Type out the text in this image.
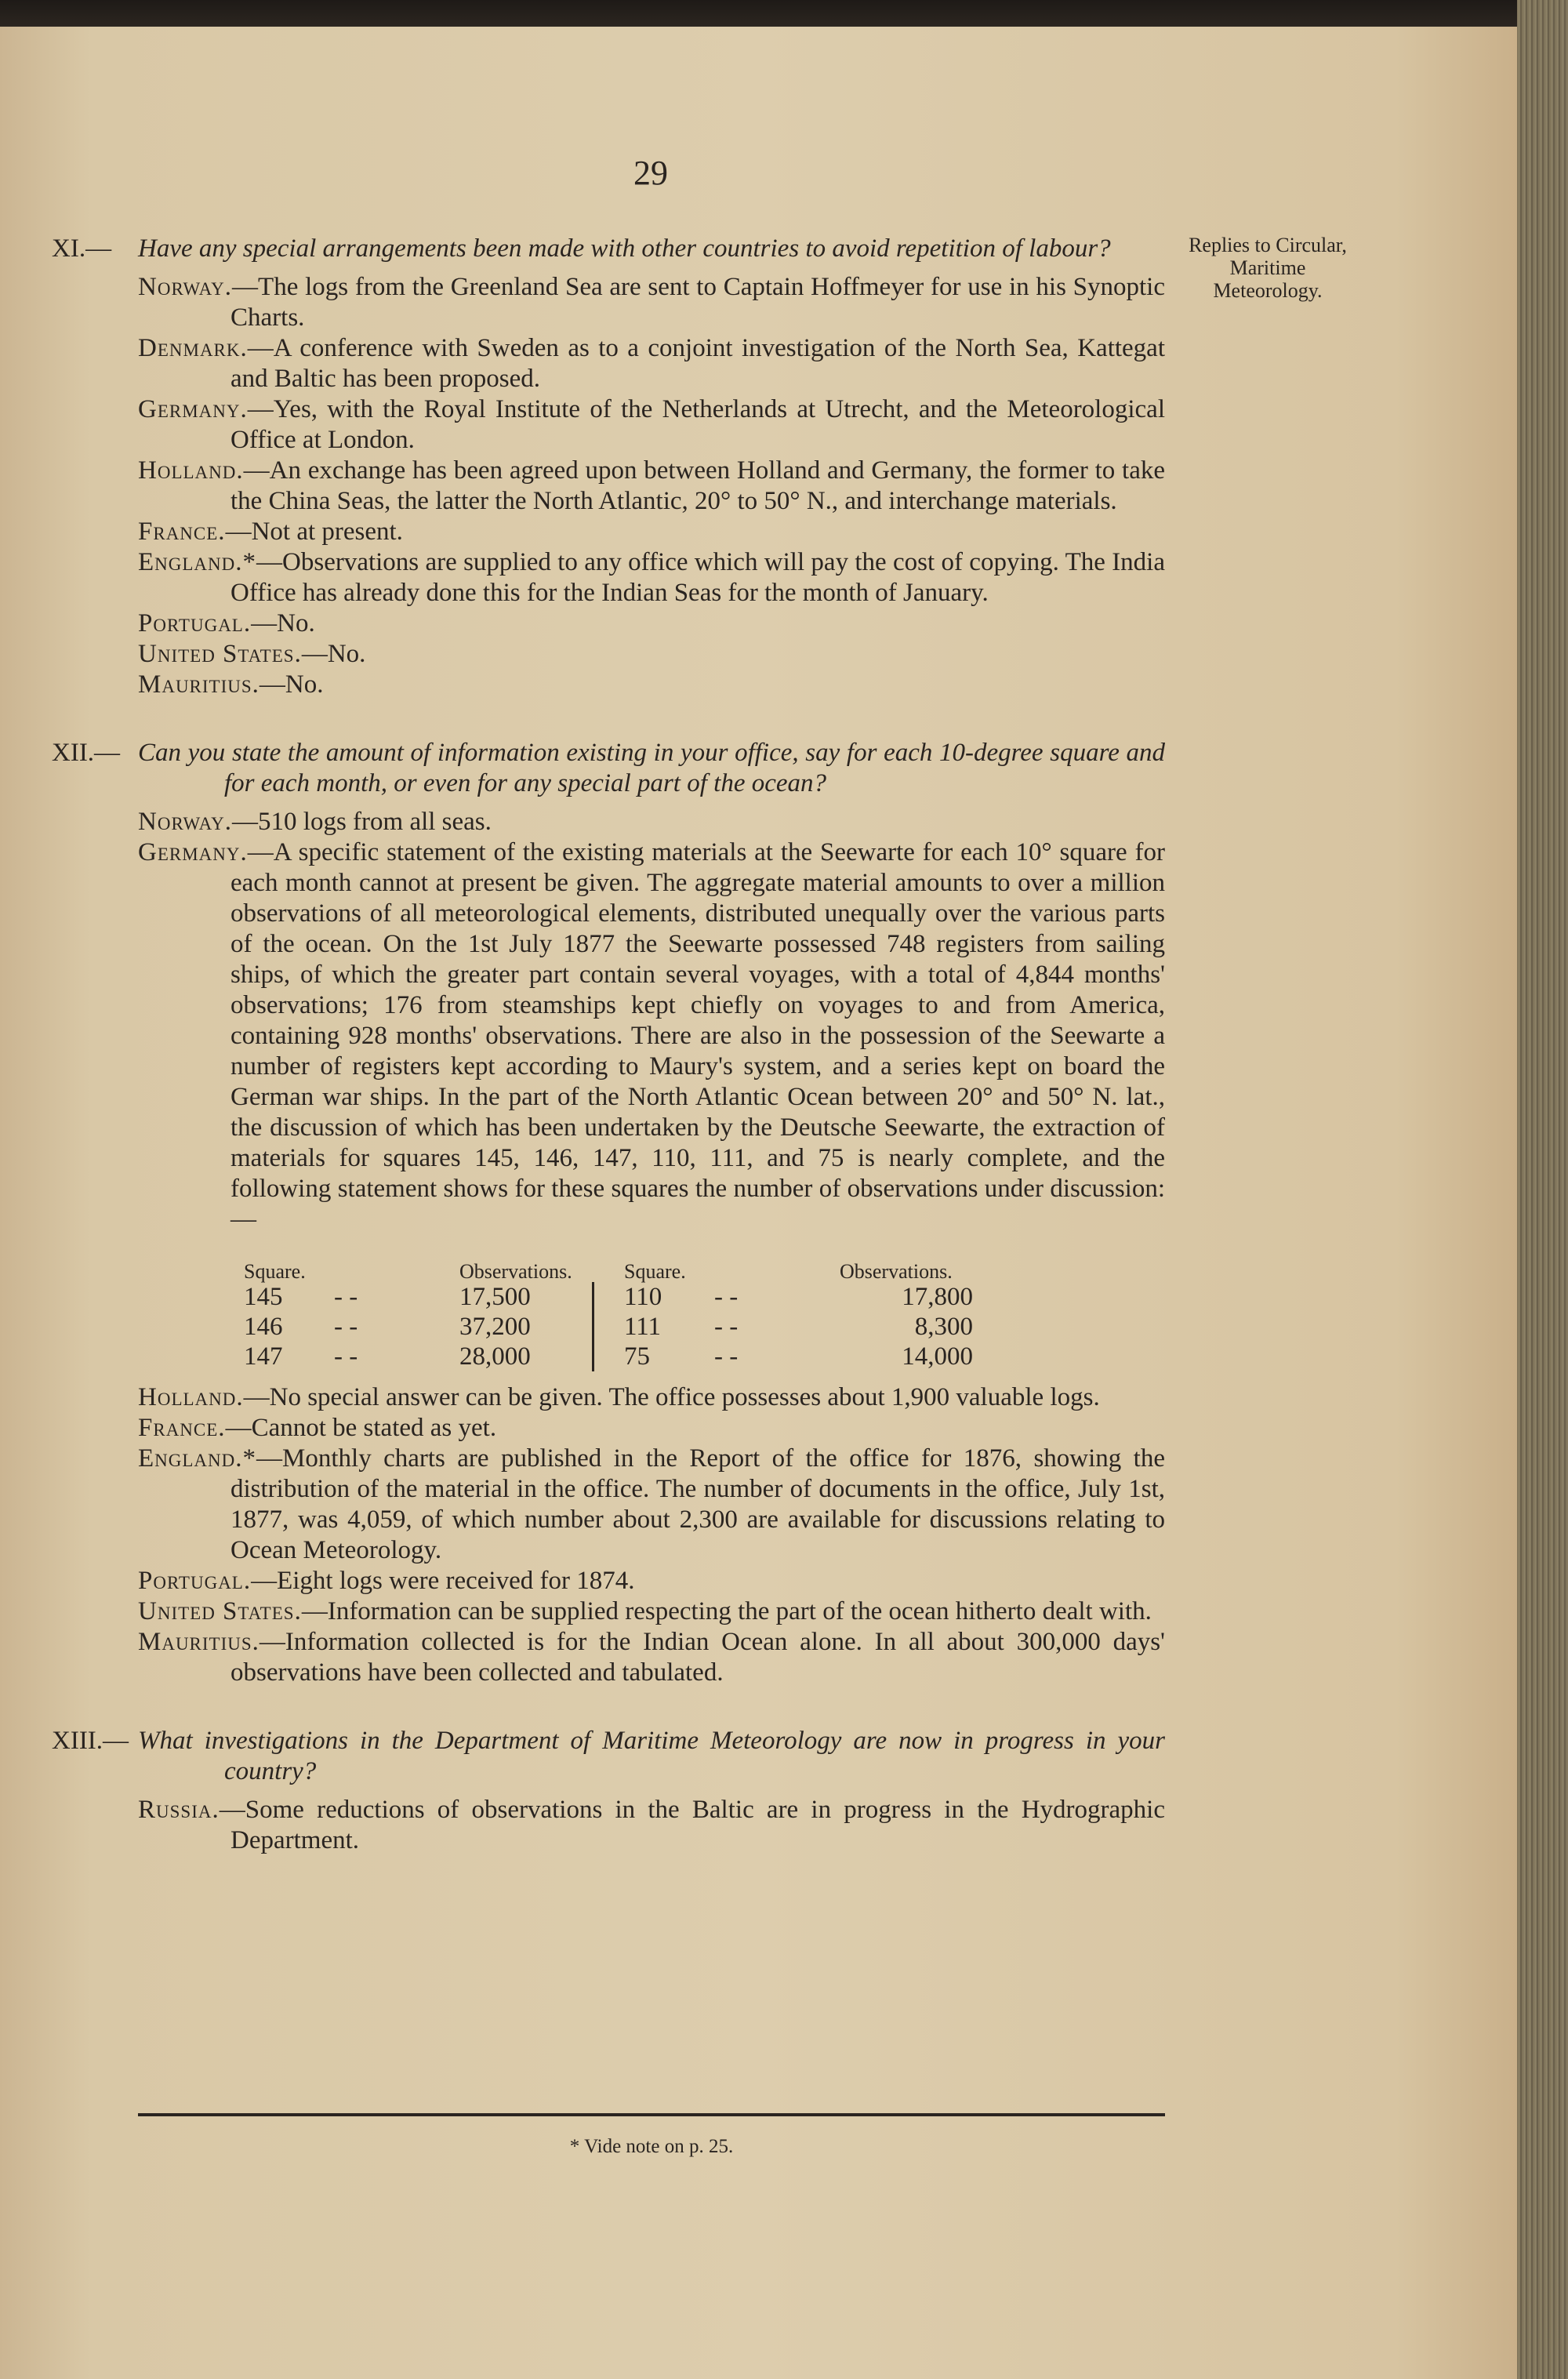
29
Replies to Circular, Maritime Meteorology.
Have any special arrangements been made with other countries to avoid repetition of labour?
Norway.—The logs from the Greenland Sea are sent to Captain Hoffmeyer for use in his Synoptic Charts.
Denmark.—A conference with Sweden as to a conjoint investigation of the North Sea, Kattegat and Baltic has been proposed.
Germany.—Yes, with the Royal Institute of the Netherlands at Utrecht, and the Meteorological Office at London.
Holland.—An exchange has been agreed upon between Holland and Germany, the former to take the China Seas, the latter the North Atlantic, 20° to 50° N., and interchange materials.
France.—Not at present.
England.*—Observations are supplied to any office which will pay the cost of copying. The India Office has already done this for the Indian Seas for the month of January.
Portugal.—No.
United States.—No.
Mauritius.—No.
Can you state the amount of information existing in your office, say for each 10-degree square and for each month, or even for any special part of the ocean?
Norway.—510 logs from all seas.
Germany.—A specific statement of the existing materials at the Seewarte for each 10° square for each month cannot at present be given. The aggregate material amounts to over a million observations of all meteorological elements, distributed unequally over the various parts of the ocean. On the 1st July 1877 the Seewarte possessed 748 registers from sailing ships, of which the greater part contain several voyages, with a total of 4,844 months' observations; 176 from steamships kept chiefly on voyages to and from America, containing 928 months' observations. There are also in the possession of the Seewarte a number of registers kept according to Maury's system, and a series kept on board the German war ships. In the part of the North Atlantic Ocean between 20° and 50° N. lat., the discussion of which has been undertaken by the Deutsche Seewarte, the extraction of materials for squares 145, 146, 147, 110, 111, and 75 is nearly complete, and the following statement shows for these squares the number of observations under discussion:—
Square.		Observations.		Square.		Observations.
145	- -	17,500		110	- -	17,800
146	- -	37,200		111	- -	8,300
147	- -	28,000		75	- -	14,000
Holland.—No special answer can be given. The office possesses about 1,900 valuable logs.
France.—Cannot be stated as yet.
England.*—Monthly charts are published in the Report of the office for 1876, showing the distribution of the material in the office. The number of documents in the office, July 1st, 1877, was 4,059, of which number about 2,300 are available for discussions relating to Ocean Meteorology.
Portugal.—Eight logs were received for 1874.
United States.—Information can be supplied respecting the part of the ocean hitherto dealt with.
Mauritius.—Information collected is for the Indian Ocean alone. In all about 300,000 days' observations have been collected and tabulated.
What investigations in the Department of Maritime Meteorology are now in progress in your country?
Russia.—Some reductions of observations in the Baltic are in progress in the Hydrographic Department.
* Vide note on p. 25.
